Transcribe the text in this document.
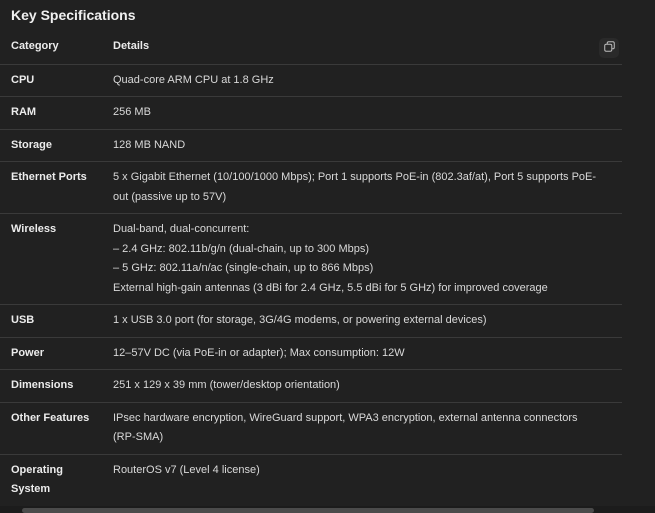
Key Specifications
Category	Details
CPU	Quad-core ARM CPU at 1.8 GHz

RAM	256 MB

Storage	128 MB NAND

Ethernet Ports	5 x Gigabit Ethernet (10/100/1000 Mbps); Port 1 supports PoE-in (802.3af/at), Port 5 supports PoE-
out (passive up to 57V)

Wireless	Dual-band, dual-concurrent:
– 2.4 GHz: 802.11b/g/n (dual-chain, up to 300 Mbps)
– 5 GHz: 802.11a/n/ac (single-chain, up to 866 Mbps)
External high-gain antennas (3 dBi for 2.4 GHz, 5.5 dBi for 5 GHz) for improved coverage

USB	1 x USB 3.0 port (for storage, 3G/4G modems, or powering external devices)

Power	12–57V DC (via PoE-in or adapter); Max consumption: 12W

Dimensions	251 x 129 x 39 mm (tower/desktop orientation)

Other Features	IPsec hardware encryption, WireGuard support, WPA3 encryption, external antenna connectors
(RP-SMA)

Operating System	RouterOS v7 (Level 4 license)
